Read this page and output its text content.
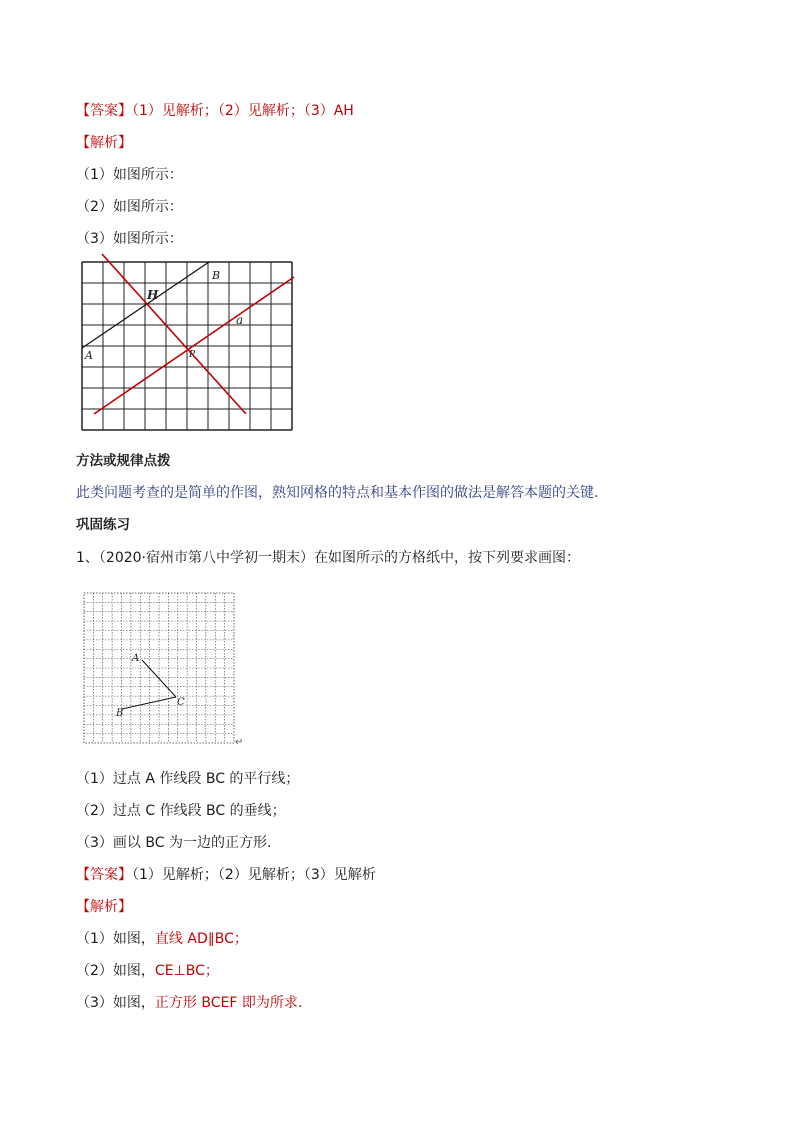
【答案】（1）见解析；（2）见解析；（3）AH
【解析】
（1）如图所示：
（2）如图所示：
（3）如图所示：
A
B
H
a
P
方法或规律点拨
此类问题考查的是简单的作图，熟知网格的特点和基本作图的做法是解答本题的关键.
巩固练习
1、（2020·宿州市第八中学初一期末）在如图所示的方格纸中，按下列要求画图：
A
B
C
↵
（1）过点 A 作线段 BC 的平行线；
（2）过点 C 作线段 BC 的垂线；
（3）画以 BC 为一边的正方形.
【答案】（1）见解析；（2）见解析；（3）见解析
【解析】
（1）如图，直线 AD∥BC；
（2）如图，CE⊥BC；
（3）如图，正方形 BCEF 即为所求.
